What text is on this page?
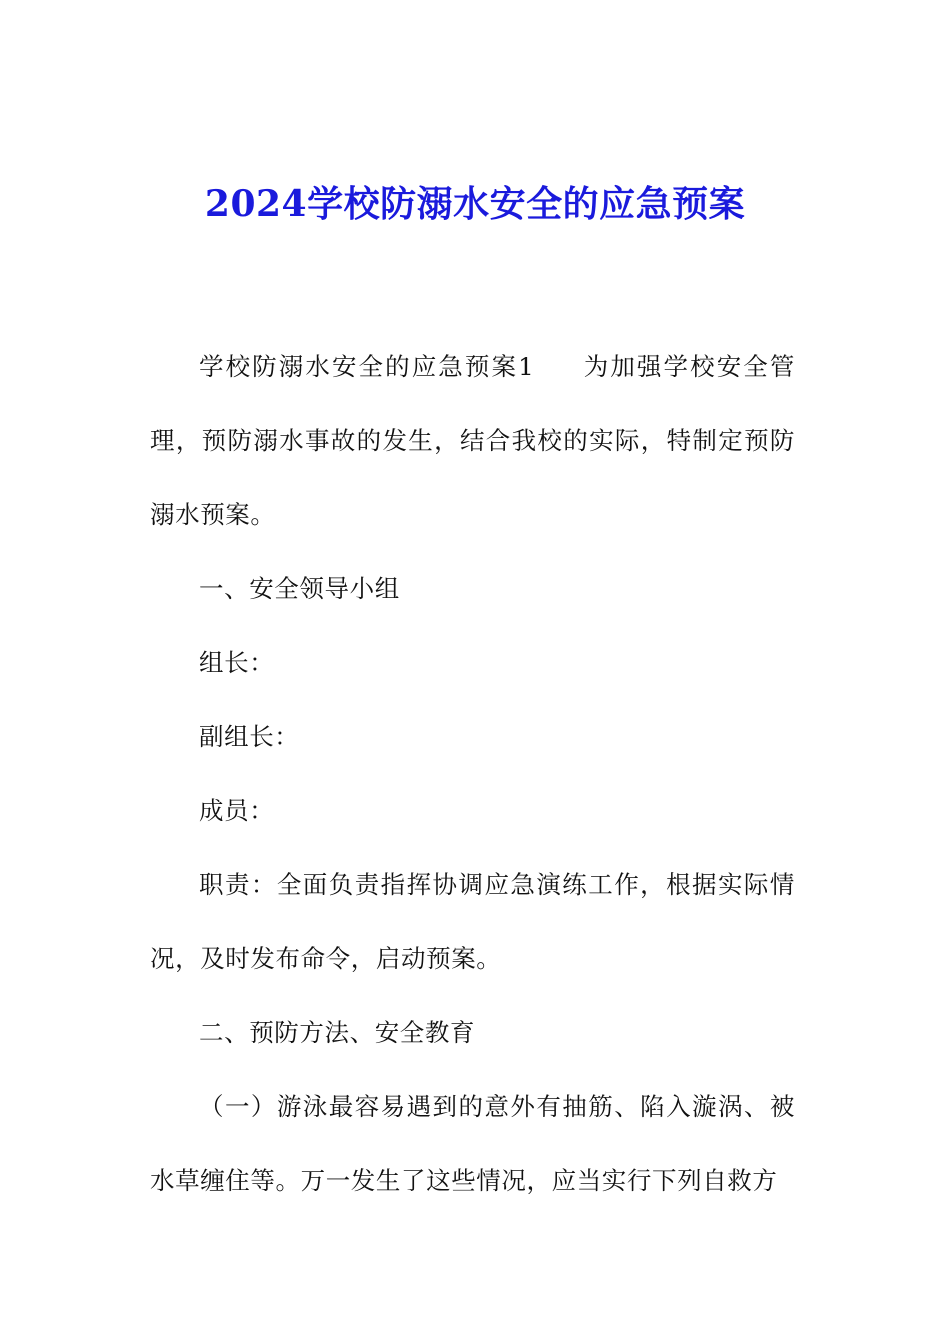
2024学校防溺水安全的应急预案

学校防溺水安全的应急预案1 为加强学校安全管理，预防溺水事故的发生，结合我校的实际，特制定预防溺水预案。

一、安全领导小组

组长：

副组长：

成员：

职责：全面负责指挥协调应急演练工作，根据实际情况，及时发布命令，启动预案。

二、预防方法、安全教育

（一）游泳最容易遇到的意外有抽筋、陷入漩涡、被水草缠住等。万一发生了这些情况，应当实行下列自救方
